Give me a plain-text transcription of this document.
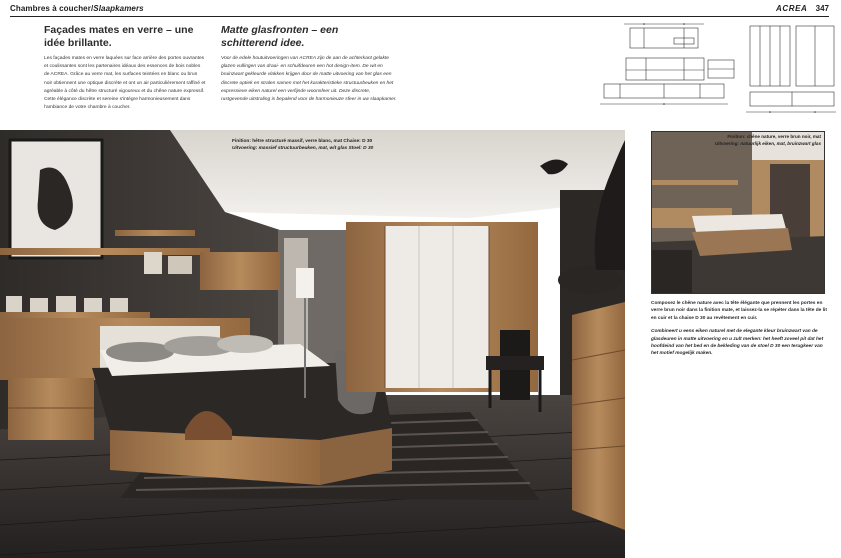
Chambres à coucher/Slaapkamers	ACREA 347
Façades mates en verre – une idée brillante.

Les façades mates en verre laquées sur face arrière des portes ouvrantes et coulissantes sont les partenaires idéaux des essences de bois nobles de ACREA. Grâce au verre mat, les surfaces teintées en blanc ou brun noir obtiennent une optique discrète et ont un air particulièrement raffiné et agréable à côté du hêtre structuré vigoureux et du chêne nature expressif. Cette élégance discrète et sereine s'intègre harmonieusement dans l'ambiance de votre chambre à coucher.

Matte glasfronten – een schitterend idee.

Voor de edele houtuitvoeringen van ACREA zijn de aan de achterkant gelakte glazen vullingen van draai- en schuifdeuren een hot design-item. De wit en bruinzwart gekleurde vlakken krijgen door de matte uitvoering van het glas een discrete optiek en stralen samen met het karakteristieke structuurbeuken en het expressieve eiken naturel een verfijnde woonsfeer uit. Deze discrete, rustgevende uitstraling is bepalend voor de harmonieuze sfeer in uw slaapkamer.

Finition: hêtre structuré massif, verre blanc, mat Chaise: D 30
Uitvoering: massief structuurbeuken, mat, wit glas Stoel: D 30
Finition: chêne nature, verre brun noir, mat
Uitvoering: natuurlijk eiken, mat, bruinzwart glas

Composez le chêne nature avec la tête élégante que prennent les portes en verre brun noir dans la finition mate, et laissez-la se répéter dans la tête de lit en cuir et la chaise D 30 au revêtement en cuir.

Combineert u eens eiken naturel met de elegante kleur bruinzwart van de glasdeuren in matte uitvoering en u zult merken: het heeft zoveel pit dat het hoofdeind van het bed en de bekleding van de stoel D 30 een terugkeer van het motief mogelijk maken.
